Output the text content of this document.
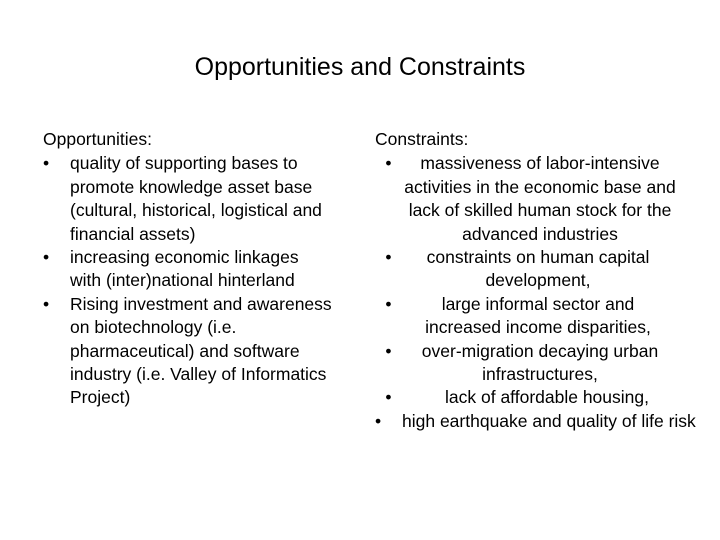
Opportunities and Constraints
Opportunities:
•	quality of supporting bases to promote knowledge asset base (cultural, historical, logistical and financial assets)
•	increasing economic linkages with (inter)national hinterland
•	Rising investment and awareness on biotechnology (i.e. pharmaceutical) and software industry (i.e. Valley of Informatics Project)
Constraints:
•	massiveness of labor-intensive activities in the economic base and lack of skilled human stock for the advanced industries
•	constraints on human capital development,
•	large informal sector and increased income disparities,
•	over-migration decaying urban infrastructures,
•	lack of affordable housing,
•	high earthquake and quality of life risk
